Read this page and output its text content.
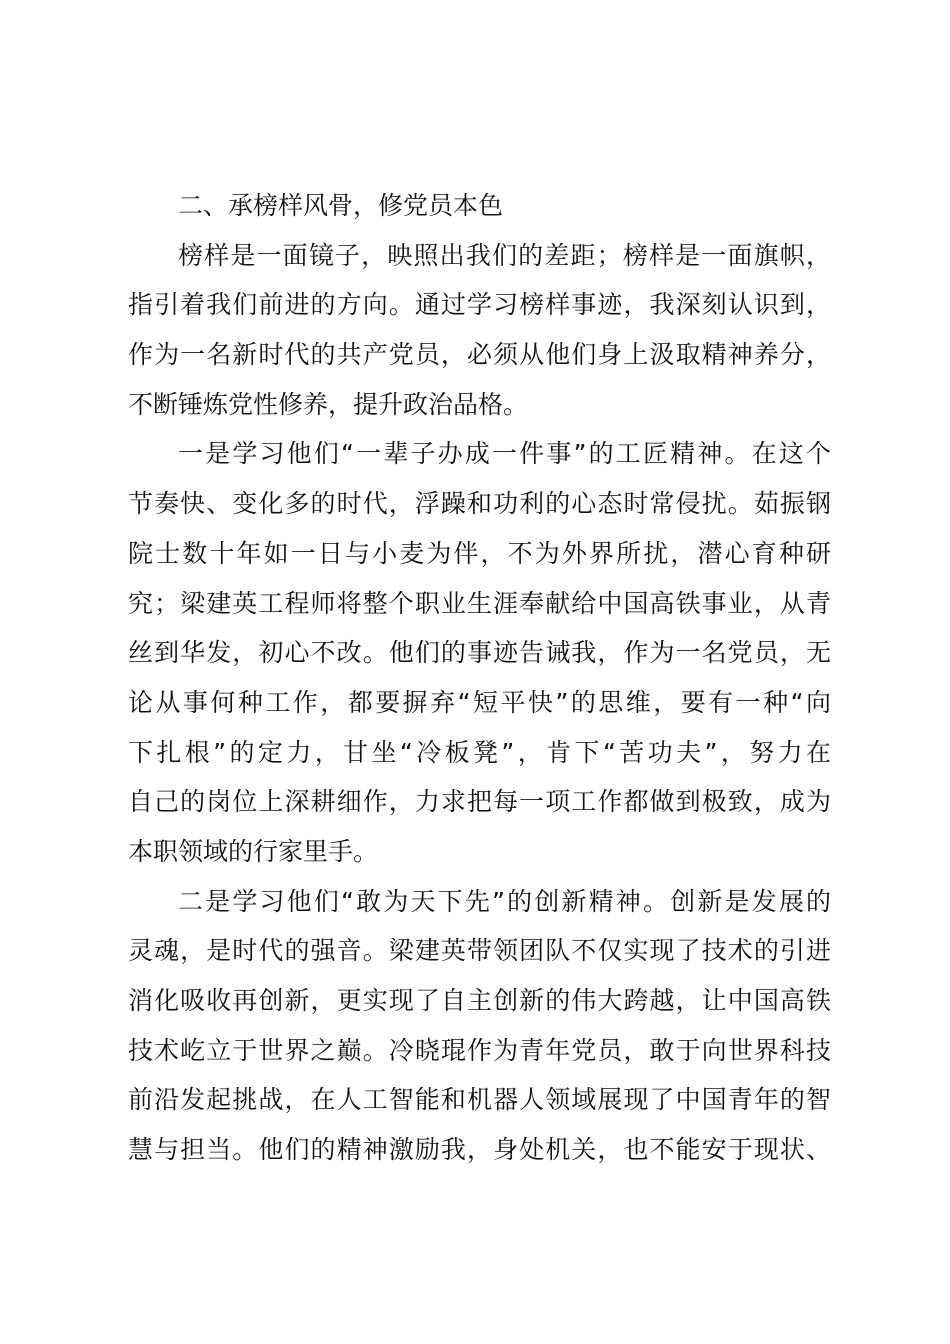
二、承榜样风骨，修党员本色
榜样是一面镜子，映照出我们的差距；榜样是一面旗帜，
指引着我们前进的方向。通过学习榜样事迹，我深刻认识到，
作为一名新时代的共产党员，必须从他们身上汲取精神养分，
不断锤炼党性修养，提升政治品格。
一是学习他们“一辈子办成一件事”的工匠精神。在这个
节奏快、变化多的时代，浮躁和功利的心态时常侵扰。茹振钢
院士数十年如一日与小麦为伴，不为外界所扰，潜心育种研
究；梁建英工程师将整个职业生涯奉献给中国高铁事业，从青
丝到华发，初心不改。他们的事迹告诫我，作为一名党员，无
论从事何种工作，都要摒弃“短平快”的思维，要有一种“向
下扎根”的定力，甘坐“冷板凳”，肯下“苦功夫”，努力在
自己的岗位上深耕细作，力求把每一项工作都做到极致，成为
本职领域的行家里手。
二是学习他们“敢为天下先”的创新精神。创新是发展的
灵魂，是时代的强音。梁建英带领团队不仅实现了技术的引进
消化吸收再创新，更实现了自主创新的伟大跨越，让中国高铁
技术屹立于世界之巅。冷晓琨作为青年党员，敢于向世界科技
前沿发起挑战，在人工智能和机器人领域展现了中国青年的智
慧与担当。他们的精神激励我，身处机关，也不能安于现状、
